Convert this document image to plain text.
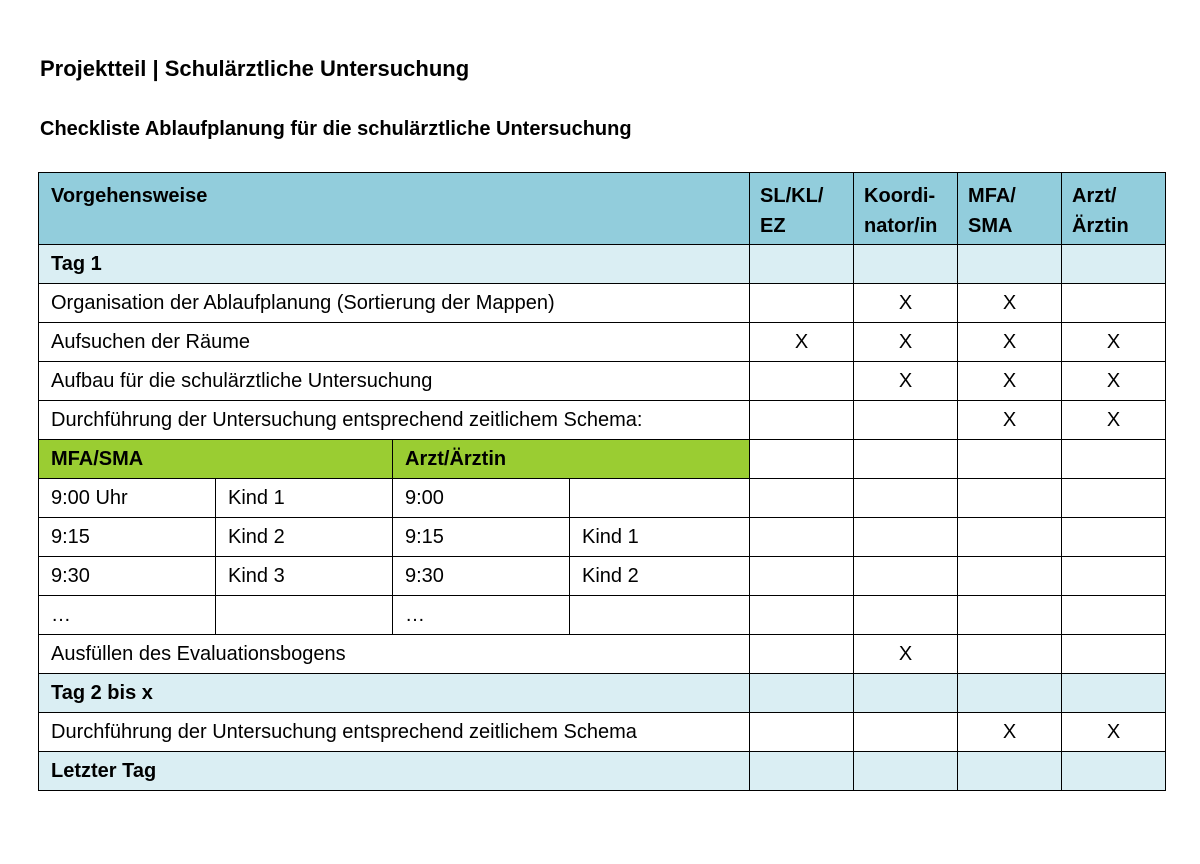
Projektteil | Schulärztliche Untersuchung
Checkliste Ablaufplanung für die schulärztliche Untersuchung
Vorgehensweise				SL/KL/ EZ	Koordi- nator/in	MFA/ SMA	Arzt/ Ärztin
Tag 1							
Organisation der Ablaufplanung (Sortierung der Mappen)					X	X	
Aufsuchen der Räume				X	X	X	X
Aufbau für die schulärztliche Untersuchung					X	X	X
Durchführung der Untersuchung entsprechend zeitlichem Schema:						X	X
MFA/SMA		Arzt/Ärztin					
9:00 Uhr	Kind 1	9:00					
9:15	Kind 2	9:15	Kind 1				
9:30	Kind 3	9:30	Kind 2				
…		…					
Ausfüllen des Evaluationsbogens					X		
Tag 2 bis x							
Durchführung der Untersuchung entsprechend zeitlichem Schema						X	X
Letzter Tag							
